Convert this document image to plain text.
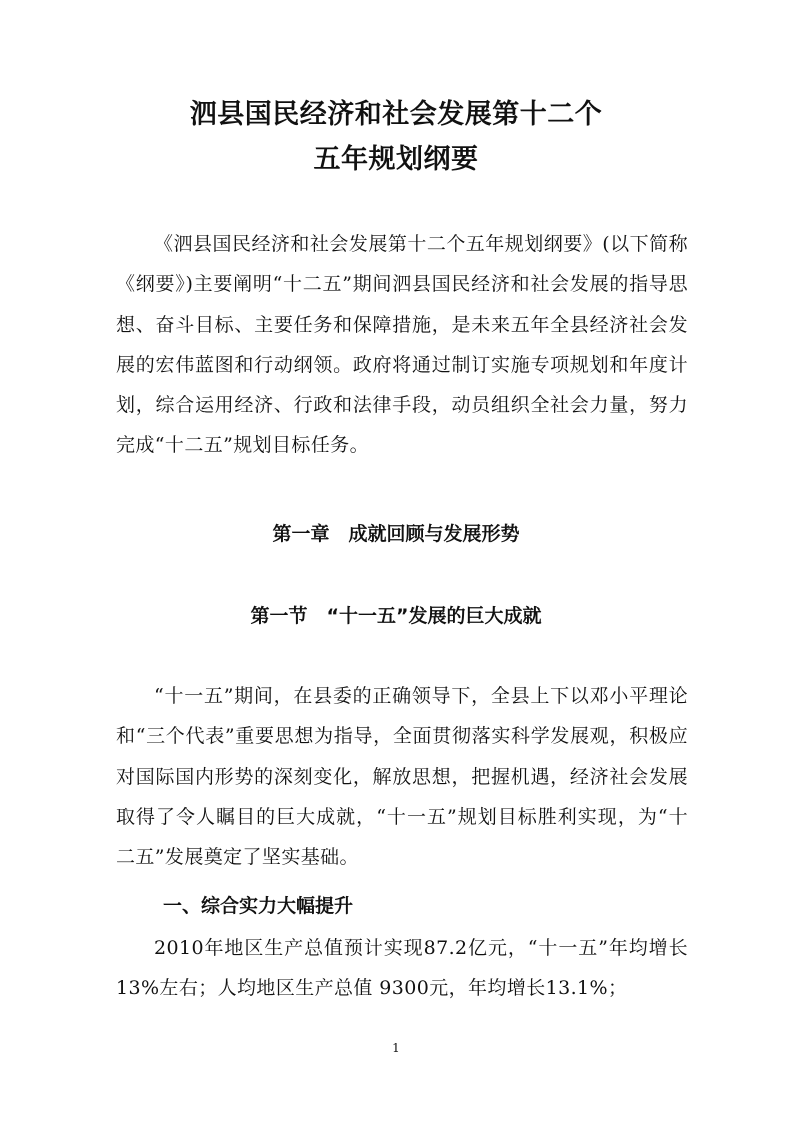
泗县国民经济和社会发展第十二个
五年规划纲要

《泗县国民经济和社会发展第十二个五年规划纲要》(以下简称《纲要》)主要阐明“十二五”期间泗县国民经济和社会发展的指导思想、奋斗目标、主要任务和保障措施，是未来五年全县经济社会发展的宏伟蓝图和行动纲领。政府将通过制订实施专项规划和年度计划，综合运用经济、行政和法律手段，动员组织全社会力量，努力完成“十二五”规划目标任务。

第一章　成就回顾与发展形势
第一节　“十一五”发展的巨大成就

“十一五”期间，在县委的正确领导下，全县上下以邓小平理论和“三个代表”重要思想为指导，全面贯彻落实科学发展观，积极应对国际国内形势的深刻变化，解放思想，把握机遇，经济社会发展取得了令人瞩目的巨大成就，“十一五”规划目标胜利实现，为“十二五”发展奠定了坚实基础。

一、综合实力大幅提升

2010年地区生产总值预计实现87.2亿元，“十一五”年均增长13%左右；人均地区生产总值 9300元，年均增长13.1%；

1
